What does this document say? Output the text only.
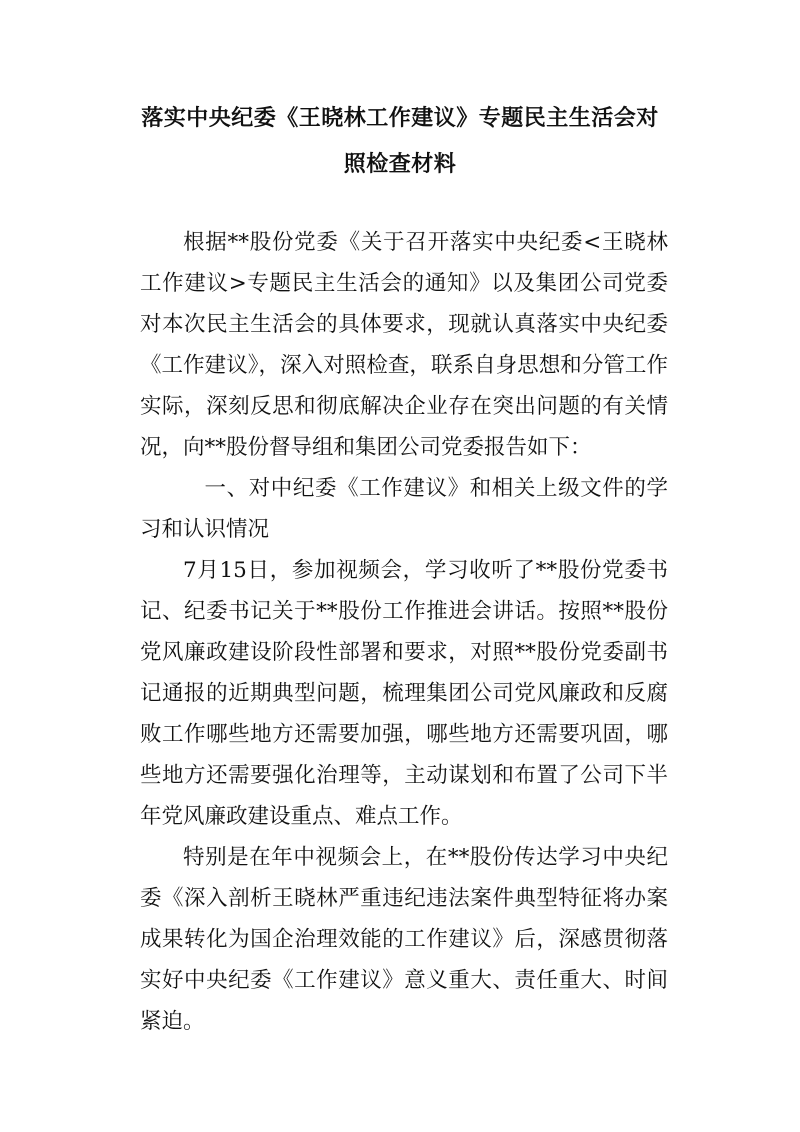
落实中央纪委《王晓林工作建议》专题民主生活会对照检查材料

根据**股份党委《关于召开落实中央纪委<王晓林工作建议>专题民主生活会的通知》以及集团公司党委对本次民主生活会的具体要求，现就认真落实中央纪委《工作建议》，深入对照检查，联系自身思想和分管工作实际，深刻反思和彻底解决企业存在突出问题的有关情况，向**股份督导组和集团公司党委报告如下：

一、对中纪委《工作建议》和相关上级文件的学习和认识情况

7月15日，参加视频会，学习收听了**股份党委书记、纪委书记关于**股份工作推进会讲话。按照**股份党风廉政建设阶段性部署和要求，对照**股份党委副书记通报的近期典型问题，梳理集团公司党风廉政和反腐败工作哪些地方还需要加强，哪些地方还需要巩固，哪些地方还需要强化治理等，主动谋划和布置了公司下半年党风廉政建设重点、难点工作。

特别是在年中视频会上，在**股份传达学习中央纪委《深入剖析王晓林严重违纪违法案件典型特征将办案成果转化为国企治理效能的工作建议》后，深感贯彻落实好中央纪委《工作建议》意义重大、责任重大、时间紧迫。
